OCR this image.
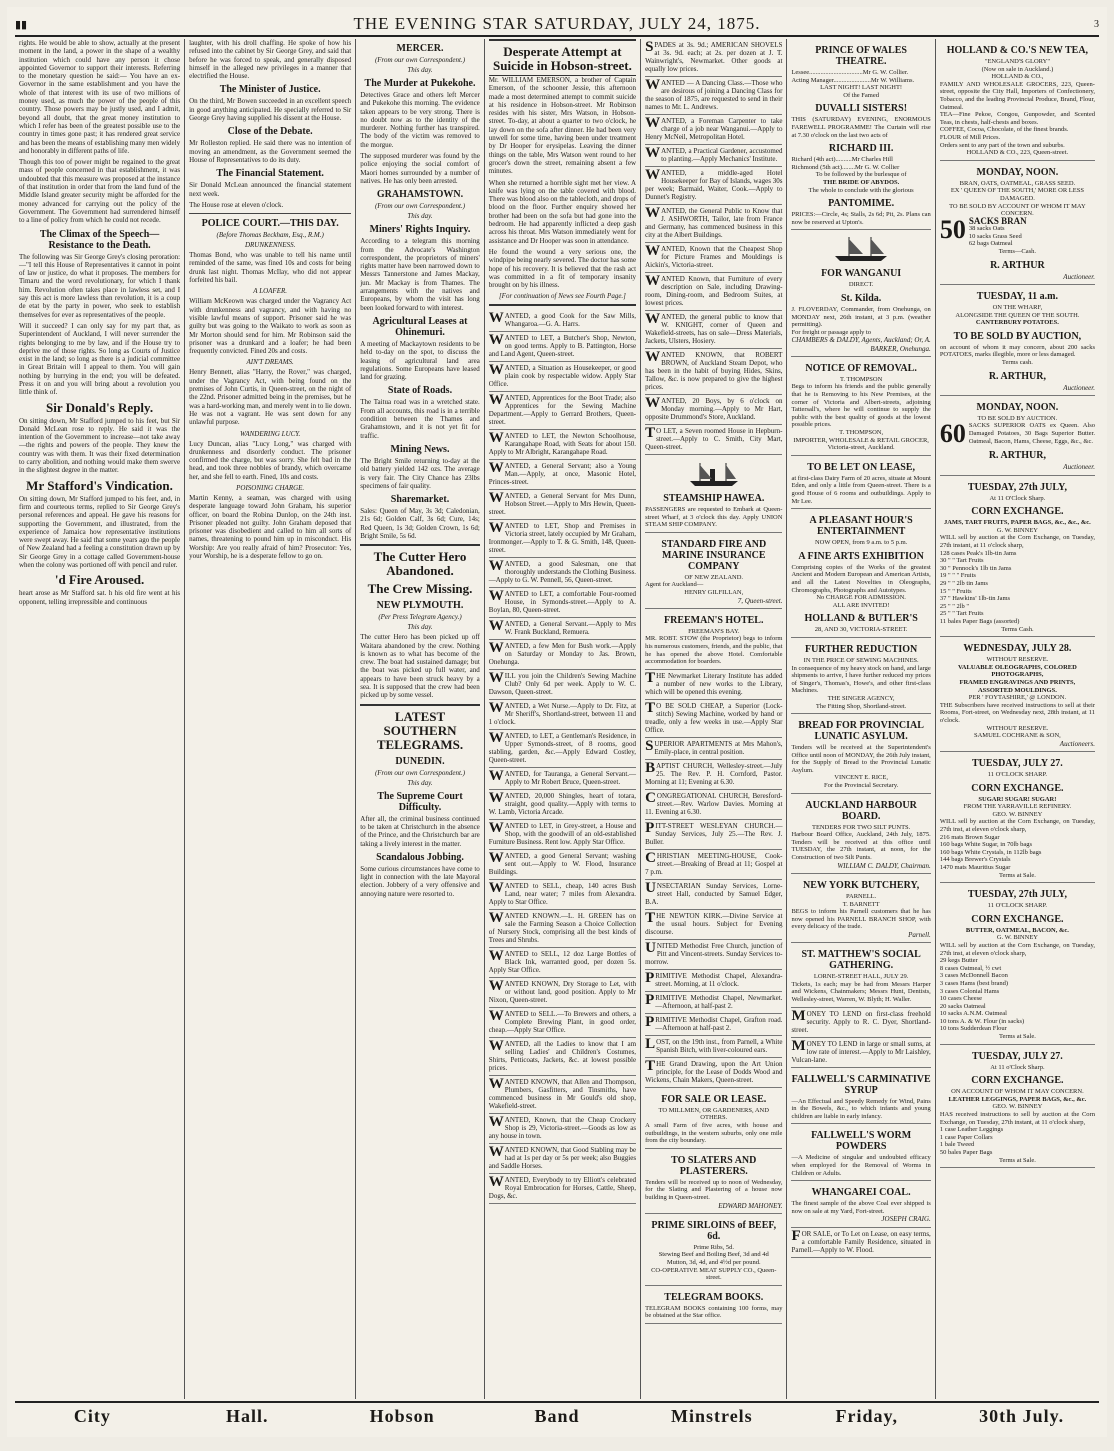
▮▮	THE EVENING STAR SATURDAY, JULY 24, 1875.	3

rights. He would be able to show, actually at the present moment in the land, a power in the shape of a wealthy institution which could have any person it chose appointed Governor to support their interests. Referring to the monetary question he said:— You have an ex-Governor in the same establishment and you have the whole of that interest with its use of two millions of money used, as much the power of the people of this country. Those powers may be justly used, and I admit, beyond all doubt, that the great money institution to which I refer has been of the greatest possible use to the country in times gone past; it has rendered great service and has been the means of establishing many men widely and honorably in different paths of life.

Though this too of power might be regained to the great mass of people concerned in that establishment, it was undoubted that this measure was proposed at the instance of that institution in order that from the land fund of the Middle Island greater security might be afforded for the money advanced for carrying out the policy of the Government. The Government had surrendered himself to a line of policy from which he could not recede.

The Climax of the Speech—Resistance to the Death.

The following was Sir George Grey's closing peroration:—"I tell this House of Representatives it cannot in point of law or justice, do what it proposes. The members for Timaru and the word revolutionary, for which I thank him. Revolution often takes place in lawless set, and I say this act is more lawless than revolution, it is a coup de etat by the party in power, who seek to establish themselves for ever as representatives of the people.

Will it succeed? I can only say for my part that, as Superintendent of Auckland, I will never surrender the rights belonging to me by law, and if the House try to deprive me of those rights. So long as Courts of Justice exist in the land; so long as there is a judicial committee in Great Britain will I appeal to them. You will gain nothing by hurrying in the end; you will be defeated. Press it on and you will bring about a revolution you little think of.

Sir Donald's Reply.

On sitting down, Mr Stafford jumped to his feet, but Sir Donald McLean rose to reply. He said it was the intention of the Government to increase—not take away—the rights and powers of the people. They knew the country was with them. It was their fixed determination to carry abolition, and nothing would make them swerve in the slightest degree in the matter.

Mr Stafford's Vindication.

On sitting down, Mr Stafford jumped to his feet, and, in firm and courteous terms, replied to Sir George Grey's personal references and appeal. He gave his reasons for supporting the Government, and illustrated, from the experience of Jamaica how representative institutions were swept away. He said that some years ago the people of New Zealand had a feeling a constitution drawn up by Sir George Grey in a cottage called Government-house when the colony was portioned off with pencil and ruler.

'd Fire Aroused.

heart arose as Mr Stafford sat. h his old fire went at his opponent, telling irrepressible and continuous

laughter, with his droll chaffing. He spoke of how his refused into the cabinet by Sir George Grey, and said that before he was forced to speak, and generally disposed himself in the alleged new privileges in a manner that electrified the House.

The Minister of Justice.

On the third, Mr Bowen succeeded in an excellent speech in good anything anticipated. He specially referred to Sir George Grey having supplied his dissent at the House.

Close of the Debate.

Mr Rolleston replied. He said there was no intention of moving an amendment, as the Government seemed the House of Representatives to do its duty.

The Financial Statement.

Sir Donald McLean announced the financial statement next week.

The House rose at eleven o'clock.

POLICE COURT.—THIS DAY.
(Before Thomas Beckham, Esq., R.M.)
DRUNKENNESS.

Thomas Bond, who was unable to tell his name until reminded of the same, was fined 10s and costs for being drunk last night. Thomas McIlay, who did not appear forfeited his bail.

A LOAFER.

William McKeown was charged under the Vagrancy Act with drunkenness and vagrancy, and with having no visible lawful means of support. Prisoner said he was guilty but was going to the Waikato to work as soon as Mr Morton should send for him. Mr Robinson said the prisoner was a drunkard and a loafer; he had been frequently convicted. Fined 20s and costs.

AIN'T DREAMS.

Henry Bennett, alias "Harry, the Rover," was charged, under the Vagrancy Act, with being found on the premises of John Curtis, in Queen-street, on the night of the 22nd. Prisoner admitted being in the premises, but he was a hard-working man, and merely went in to lie down. He was not a vagrant. He was sent down for any unlawful purpose.

WANDERING LUCY.

Lucy Duncan, alias "Lucy Long," was charged with drunkenness and disorderly conduct. The prisoner confirmed the charge, but was sorry. She felt bad in the head, and took three nobbles of brandy, which overcame her, and she fell to earth. Fined, 10s and costs.

POISONING CHARGE.

Martin Kenny, a seaman, was charged with using desperate language toward John Graham, his superior officer, on board the Robina Dunlop, on the 24th inst. Prisoner pleaded not guilty. John Graham deposed that prisoner was disobedient and called to him all sorts of names, threatening to pound him up in misconduct. His Worship: Are you really afraid of him? Prosecutor: Yes, your Worship, he is a desperate fellow to go on.

MERCER.
(From our own Correspondent.)
This day.
The Murder at Pukekohe.

Detectives Grace and others left Mercer and Pukekohe this morning. The evidence taken appears to be very strong. There is no doubt now as to the identity of the murderer. Nothing further has transpired. The body of the victim was removed to the morgue.

The supposed murderer was found by the police enjoying the social comfort of Maori homes surrounded by a number of natives. He has only been arrested.

GRAHAMSTOWN.
(From our own Correspondent.)
This day.
Miners' Rights Inquiry.

According to a telegram this morning from the Advocate's Washington correspondent, the proprietors of miners' rights matter have been narrowed down to Messrs Tannerstone and James Mackay, jun. Mr Mackay is from Thames. The arrangements with the natives and Europeans, by whom the visit has long been looked forward to with interest.

Agricultural Leases at Ohinemuri.

A meeting of Mackaytown residents to be held to-day on the spot, to discuss the leasing of agricultural land area regulations. Some Europeans have leased land for grazing.

State of Roads.

The Taitua road was in a wretched state. From all accounts, this road is in a terrible condition between the Thames and Grahamstown, and it is not yet fit for traffic.

Mining News.

The Bright Smile returning to-day at the old battery yielded 142 ozs. The average is very fair. The City Chance has 23lbs specimens of fair quality.

Sharemarket.

Sales: Queen of May, 3s 3d; Caledonian, 21s 6d; Golden Calf, 3s 6d; Cure, 14s; Red Queen, 1s 3d; Golden Crown, 1s 6d; Bright Smile, 5s 6d.

The Cutter Hero Abandoned.
The Crew Missing.
NEW PLYMOUTH.
(Per Press Telegram Agency.)
This day.

The cutter Hero has been picked up off Waitara abandoned by the crew. Nothing is known as to what has become of the crew. The boat had sustained damage; but the boat was picked up full water, and appears to have been struck heavy by a sea. It is supposed that the crew had been picked up by some vessel.

LATEST SOUTHERN TELEGRAMS.
DUNEDIN.
(From our own Correspondent.)
This day.
The Supreme Court Difficulty.

After all, the criminal business continued to be taken at Christchurch in the absence of the Prince, and the Christchurch bar are taking a lively interest in the matter.

Scandalous Jobbing.

Some curious circumstances have come to light in connection with the late Mayoral election. Jobbery of a very offensive and annoying nature were resorted to.

Desperate Attempt at Suicide in Hobson-street.

Mr. WILLIAM EMERSON, a brother of Captain Emerson, of the schooner Jessie, this afternoon made a most determined attempt to commit suicide at his residence in Hobson-street. Mr Robinson resides with his sister, Mrs Watson, in Hobson-street. To-day, at about a quarter to two o'clock, he lay down on the sofa after dinner. He had been very unwell for some time, having been under treatment by Dr Hooper for erysipelas. Leaving the dinner things on the table, Mrs Watson went round to her grocer's down the street, remaining absent a few minutes.

When she returned a horrible sight met her view. A knife was lying on the table covered with blood. There was blood also on the tablecloth, and drops of blood on the floor. Further enquiry showed her brother had been on the sofa but had gone into the bedroom. He had apparently inflicted a deep gash across his throat. Mrs Watson immediately went for assistance and Dr Hooper was soon in attendance.

He found the wound a very serious one, the windpipe being nearly severed. The doctor has some hope of his recovery. It is believed that the rash act was committed in a fit of temporary insanity brought on by his illness.

[For continuation of News see Fourth Page.]

WANTED, a good Cook for the Saw Mills, Whangaroa.—G. A. Harrs.

WANTED to LET, a Butcher's Shop, Newton, on good terms. Apply to B. Pattington, Horse and Land Agent, Queen-street.

WANTED, a Situation as Housekeeper, or good plain cook by respectable widow. Apply Star Office.

WANTED, Apprentices for the Boot Trade; also Apprentices for the Sewing Machine Department.—Apply to Gerrard Brothers, Queen-street.

WANTED to LET, the Newton Schoolhouse, Karangahape Road, with Seats for about 150. Apply to Mr Albright, Karangahape Road.

WANTED, a General Servant; also a Young Man.—Apply, at once, Masonic Hotel, Princes-street.

WANTED, a General Servant for Mrs Dunn, Hobson Street.—Apply to Mrs Hewin, Queen-street.

WANTED to LET, Shop and Premises in Victoria street, lately occupied by Mr Graham, Ironmonger.—Apply to T. & G. Smith, 148, Queen-street.

WANTED, a good Salesman, one that thoroughly understands the Clothing Business.—Apply to G. W. Pennell, 56, Queen-street.

WANTED to LET, a comfortable Four-roomed House, in Symonds-street.—Apply to A. Boylan, 80, Queen-street.

WANTED, a General Servant.—Apply to Mrs W. Frank Buckland, Remuera.

WANTED, a few Men for Bush work.—Apply on Saturday or Monday to Jas. Brown, Onehunga.

WILL you join the Children's Sewing Machine Club? Only 6d per week. Apply to W. C. Dawson, Queen-street.

WANTED, a Wet Nurse.—Apply to Dr. Fitz, at Mr Sheriff's, Shortland-street, between 11 and 1 o'clock.

WANTED, to LET, a Gentleman's Residence, in Upper Symonds-street, of 8 rooms, good stabling, garden, &c.—Apply Edward Costley, Queen-street.

WANTED, for Tauranga, a General Servant.—Apply to Mr Robert Bruce, Queen-street.

WANTED, 20,000 Shingles, heart of totara, straight, good quality.—Apply with terms to W. Lamb, Victoria Arcade.

WANTED to LET, in Grey-street, a House and Shop, with the goodwill of an old-established Furniture Business. Rent low. Apply Star Office.

WANTED, a good General Servant; washing sent out.—Apply to W. Flood, Insurance Buildings.

WANTED to SELL, cheap, 140 acres Bush Land, near water; 7 miles from Alexandra. Apply to Star Office.

WANTED KNOWN.—L. H. GREEN has on sale the Farming Season a Choice Collection of Nursery Stock, comprising all the best kinds of Trees and Shrubs.

WANTED to SELL, 12 doz Large Bottles of Black Ink, warranted good, per dozen 5s. Apply Star Office.

WANTED KNOWN, Dry Storage to Let, with or without land, good position. Apply to Mr Nixon, Queen-street.

WANTED to SELL.—To Brewers and others, a Complete Brewing Plant, in good order, cheap.—Apply Star Office.

WANTED, all the Ladies to know that I am selling Ladies' and Children's Costumes, Shirts, Petticoats, Jackets, &c. at lowest possible prices.

WANTED KNOWN, that Allen and Thompson, Plumbers, Gasfitters, and Tinsmiths, have commenced business in Mr Gould's old shop, Wakefield-street.

WANTED, Known, that the Cheap Crockery Shop is 29, Victoria-street.—Goods as low as any house in town.

WANTED KNOWN, that Good Stabling may be had at 1s per day or 5s per week; also Buggies and Saddle Horses.

WANTED, Everybody to try Elliott's celebrated Royal Embrocation for Horses, Cattle, Sheep, Dogs, &c.

SPADES at 3s. 9d.; AMERICAN SHOVELS at 3s. 9d. each; at 2s. per dozen at J. T. Wainwright's, Newmarket. Other goods at equally low prices.

WANTED — A Dancing Class.—Those who are desirous of joining a Dancing Class for the season of 1875, are requested to send in their names to Mr. L. Andrews.

WANTED, a Foreman Carpenter to take charge of a job near Wanganui.—Apply to Henry McNeil, Metropolitan Hotel.

WANTED, a Practical Gardener, accustomed to planting.—Apply Mechanics' Institute.

WANTED, a middle-aged Hotel Housekeeper for Bay of Islands, wages 30s per week; Barmaid, Waiter, Cook.—Apply to Dunnet's Registry.

WANTED, the General Public to Know that J. ASHWORTH, Tailor, late from France and Germany, has commenced business in this city at the Albert Buildings.

WANTED, Known that the Cheapest Shop for Picture Frames and Mouldings is Aickin's, Victoria-street.

WANTED Known, that Furniture of every description on Sale, including Drawing-room, Dining-room, and Bedroom Suites, at lowest prices.

WANTED, the general public to know that W. KNIGHT, corner of Queen and Wakefield-streets, has on sale—Dress Materials, Jackets, Ulsters, Hosiery.

WANTED KNOWN, that ROBERT BROWN, of Auckland Steam Depot, who has been in the habit of buying Hides, Skins, Tallow, &c. is now prepared to give the highest prices.

WANTED, 20 Boys, by 6 o'clock on Monday morning.—Apply to Mr Hart, opposite Drummond's Store, Auckland.

T O LET, a Seven roomed House in Hepburn-street.—Apply to C. Smith, City Mart, Queen-street.

STEAMSHIP HAWEA.

PASSENGERS are requested to Embark at Queen-street Wharf, at 3 o'clock this day. Apply UNION STEAM SHIP COMPANY.

STANDARD FIRE AND MARINE INSURANCE COMPANY

OF NEW ZEALAND.

Agent for Auckland—

HENRY GILFILLAN,

7, Queen-street.

FREEMAN'S HOTEL.

FREEMAN'S BAY.

MR. ROBT. STOW (the Proprietor) begs to inform his numerous customers, friends, and the public, that he has opened the above Hotel. Comfortable accommodation for boarders.

THE Newmarket Literary Institute has added a number of new works to the Library, which will be opened this evening.

T O BE SOLD CHEAP, a Superior (Lock-stitch) Sewing Machine, worked by hand or treadle, only a few weeks in use.—Apply Star Office.

SUPERIOR APARTMENTS at Mrs Mahon's, Emily-place, in central position.

BAPTIST CHURCH, Wellesley-street.—July 25. The Rev. P. H. Cornford, Pastor. Morning at 11; Evening at 6.30.

CONGREGATIONAL CHURCH, Beresford-street.—Rev. Warlow Davies. Morning at 11. Evening at 6.30.

PITT-STREET WESLEYAN CHURCH.—Sunday Services, July 25.—The Rev. J. Buller.

CHRISTIAN MEETING-HOUSE, Cook-street.—Breaking of Bread at 11; Gospel at 7 p.m.

UNSECTARIAN Sunday Services, Lorne-street Hall, conducted by Samuel Edger, B.A.

THE NEWTON KIRK.—Divine Service at the usual hours. Subject for Evening discourse.

UNITED Methodist Free Church, junction of Pitt and Vincent-streets. Sunday Services to-morrow.

PRIMITIVE Methodist Chapel, Alexandra-street. Morning, at 11 o'clock.

PRIMITIVE Methodist Chapel, Newmarket.—Afternoon, at half-past 2.

PRIMITIVE Methodist Chapel, Grafton road.—Afternoon at half-past 2.

LOST, on the 19th inst., from Parnell, a White Spanish Bitch, with liver-coloured ears.

THE Grand Drawing, upon the Art Union principle, for the Lease of Dodds Wood and Wickens, Chain Makers, Queen-street.

FOR SALE OR LEASE.

TO MILLMEN, OR GARDENERS, AND OTHERS.

A small Farm of five acres, with house and outbuildings, in the western suburbs, only one mile from the city boundary.

TO SLATERS AND PLASTERERS.

Tenders will be received up to noon of Wednesday, for the Slating and Plastering of a house now building in Queen-street.

EDWARD MAHONEY.

PRIME SIRLOINS of BEEF, 6d.

Prime Ribs, 5d.

Stewing Beef and Boiling Beef, 3d and 4d

Mutton, 3d, 4d, and 4½d per pound.

CO-OPERATIVE MEAT SUPPLY CO., Queen-street.

TELEGRAM BOOKS.

TELEGRAM BOOKS containing 100 forms, may be obtained at the Star office.

PRINCE OF WALES THEATRE.

Lessee.................................Mr G. W. Collier.

Acting Manager.......................Mr W. Williams.

LAST NIGHT! LAST NIGHT!

Of the Famed

DUVALLI SISTERS!

THIS (SATURDAY) EVENING, ENORMOUS FAREWELL PROGRAMME! The Curtain will rise at 7.30 o'clock on the last two acts of

RICHARD III.

Richard (4th act)..........Mr Charles Hill
Richmond (5th act)........Mr G. W. Collier

To be followed by the burlesque of

THE BRIDE OF ABYDOS.

The whole to conclude with the glorious

PANTOMIME.

PRICES:—Circle, 4s; Stalls, 2s 6d; Pit, 2s. Plans can now be reserved at Upton's.

FOR WANGANUI

DIRECT.

St. Kilda.

J. FLOVERDAY, Commander, from Onehunga, on MONDAY next, 26th instant, at 3 p.m. (weather permitting).

For freight or passage apply to

CHAMBERS & DALDY, Agents, Auckland; Or, A. BARKER, Onehunga.

NOTICE OF REMOVAL.

T. THOMPSON

Begs to inform his friends and the public generally that he is Removing to his New Premises, at the corner of Victoria and Albert-streets, adjoining Tattersall's, where he will continue to supply the public with the best quality of goods at the lowest possible prices.

T. THOMPSON,

IMPORTER, WHOLESALE & RETAIL GROCER, Victoria-street, Auckland.

TO BE LET ON LEASE,

at first-class Dairy Farm of 20 acres, situate at Mount Eden, and only a little from Queen-street. There is a good House of 6 rooms and outbuildings. Apply to Mr Lee.

A PLEASANT HOUR'S ENTERTAINMENT

NOW OPEN, from 9 a.m. to 5 p.m.

A FINE ARTS EXHIBITION

Comprising copies of the Works of the greatest Ancient and Modern European and American Artists, and all the Latest Novelties in Oleographs, Chromographs, Photographs and Autotypes.

No CHARGE FOR ADMISSION.

ALL ARE INVITED!

HOLLAND & BUTLER'S

28, AND 30, VICTORIA-STREET.

FURTHER REDUCTION

IN THE PRICE OF SEWING MACHINES.

In consequence of my heavy stock on hand, and large shipments to arrive, I have further reduced my prices of Singer's, Thomas's, Howe's, and other first-class Machines.

THE SINGER AGENCY,

The Fitting Shop, Shortland-street.

BREAD FOR PROVINCIAL LUNATIC ASYLUM.

Tenders will be received at the Superintendent's Office until noon of MONDAY, the 26th July instant, for the Supply of Bread to the Provincial Lunatic Asylum.

VINCENT E. RICE,

For the Provincial Secretary.

AUCKLAND HARBOUR BOARD.

TENDERS FOR TWO SILT PUNTS.

Harbour Board Office, Auckland, 24th July, 1875. Tenders will be received at this office until TUESDAY, the 27th instant, at noon, for the Construction of two Silt Punts.

WILLIAM C. DALDY, Chairman.

NEW YORK BUTCHERY,

PARNELL.

T. BARNETT

BEGS to inform his Parnell customers that he has now opened his PARNELL BRANCH SHOP, with every delicacy of the trade.

Parnell.

ST. MATTHEW'S SOCIAL GATHERING.

LORNE-STREET HALL, JULY 29.

Tickets, 1s each; may be had from Messrs Harper and Wickens, Chainmakers; Messrs Hunt, Dentists, Wellesley-street, Warren, W. Blyth; H. Waller.

MONEY TO LEND on first-class freehold security. Apply to R. C. Dyer, Shortland-street.

MONEY TO LEND in large or small sums, at low rate of interest.—Apply to Mr Laishley, Vulcan-lane.

FALLWELL'S CARMINATIVE SYRUP

—An Effectual and Speedy Remedy for Wind, Pains in the Bowels, &c., to which infants and young children are liable in early infancy.

FALLWELL'S WORM POWDERS

—A Medicine of singular and undoubted efficacy when employed for the Removal of Worms in Children or Adults.

WHANGAREI COAL.

The finest sample of the above Coal ever shipped is now on sale at my Yard, Fort-street.

JOSEPH CRAIG.

FOR SALE, or To Let on Lease, on easy terms, a comfortable Family Residence, situated in Parnell.—Apply to W. Flood.

HOLLAND & CO.'S NEW TEA,

"ENGLAND'S GLORY"

(Now on sale in Auckland.)

HOLLAND & CO.,

FAMILY AND WHOLESALE GROCERS, 223, Queen-street, opposite the City Hall, Importers of Confectionery, Tobacco, and the leading Provincial Produce, Brand, Flour, Oatmeal.

TEA—Fine Pekoe, Congou, Gunpowder, and Scented Teas, in chests, half-chests and boxes.

COFFEE, Cocoa, Chocolate, of the finest brands.

FLOUR of Mill Prices.

Orders sent to any part of the town and suburbs.

HOLLAND & CO., 223, Queen-street.

MONDAY, NOON.

BRAN, OATS, OATMEAL, GRASS SEED.

EX ' QUEEN OF THE SOUTH,' MORE OR LESS DAMAGED.

TO BE SOLD BY ACCOUNT OF WHOM IT MAY CONCERN.

50 SACKS BRAN

38 sacks Oats
10 sacks Grass Seed
62 bags Oatmeal

Terms—Cash.

R. ARTHUR

Auctioneer.

TUESDAY, 11 a.m.

ON THE WHARF,

ALONGSIDE THE QUEEN OF THE SOUTH.

CANTERBURY POTATOES.

TO BE SOLD BY AUCTION,

on account of whom it may concern, about 200 sacks POTATOES, marks illegible, more or less damaged.

Terms cash.

R. ARTHUR,

Auctioneer.

MONDAY, NOON.

TO BE SOLD BY AUCTION.

60 SACKS SUPERIOR OATS ex Queen. Also Damaged Potatoes, 30 Bags Superior Butter. Oatmeal, Bacon, Hams, Cheese, Eggs, &c., &c.

R. ARTHUR,

Auctioneer.

TUESDAY, 27th JULY,

At 11 O'Clock Sharp.

CORN EXCHANGE.

JAMS, TART FRUITS, PAPER BAGS, &c., &c., &c.

G. W. BINNEY

WILL sell by auction at the Corn Exchange, on Tuesday, 27th instant, at 11 o'clock sharp,

128 cases Peak's 1lb-tin Jams
30 " " Tart Fruits
30 " Pennock's 1lb tin Jams
19 " " " Fruits
29 " " 2lb tin Jams
15 " " Fruits
37 " Hawkins' 1lb-tin Jams
25 " " 2lb "
25 " " Tart Fruits
11 bales Paper Bags (assorted)

Terms Cash.

WEDNESDAY, JULY 28.

WITHOUT RESERVE.

VALUABLE OLEOGRAPHS, COLORED PHOTOGRAPHS,

FRAMED ENGRAVINGS AND PRINTS,

ASSORTED MOULDINGS.

PER ' FOYTASHIRE,' @ LONDON.

THE Subscribers have received instructions to sell at their Rooms, Fort-street, on Wednesday next, 28th instant, at 11 o'clock.

WITHOUT RESERVE.

SAMUEL COCHRANE & SON,

Auctioneers.

TUESDAY, JULY 27.

11 O'CLOCK SHARP.

CORN EXCHANGE.

SUGAR! SUGAR! SUGAR!

FROM THE YARRAVILLE REFINERY.

GEO. W. BINNEY

WILL sell by auction at the Corn Exchange, on Tuesday, 27th inst, at eleven o'clock sharp,

216 mats Brown Sugar
160 bags White Sugar, in 70lb bags
160 bags White Crystals, in 112lb bags
144 bags Brewer's Crystals
1470 mats Mauritius Sugar

Terms at Sale.

TUESDAY, 27th JULY,

11 O'CLOCK SHARP.

CORN EXCHANGE.

BUTTER, OATMEAL, BACON, &c.

G. W. BINNEY

WILL sell by auction at the Corn Exchange, on Tuesday, 27th inst, at eleven o'clock sharp,

29 kegs Butter
8 cases Oatmeal, ½ cwt
3 cases McDonnell Bacon
3 cases Hams (best brand)
3 cases Colonial Hams
10 cases Cheese
20 sacks Oatmeal
10 sacks A.N.M. Oatmeal
10 tons A. & W. Flour (in sacks)
10 tons Sudderdean Flour

Terms at Sale.

TUESDAY, JULY 27.

At 11 o'Clock Sharp.

CORN EXCHANGE.

ON ACCOUNT OF WHOM IT MAY CONCERN.

LEATHER LEGGINGS, PAPER BAGS, &c., &c.

GEO. W. BINNEY

HAS received instructions to sell by auction at the Corn Exchange, on Tuesday, 27th instant, at 11 o'clock sharp,

1 case Leather Leggings
1 case Paper Collars
1 bale Tweed
50 bales Paper Bags

Terms at Sale.

City	Hall.	Hobson	Band	Minstrels	Friday,	30th July.
